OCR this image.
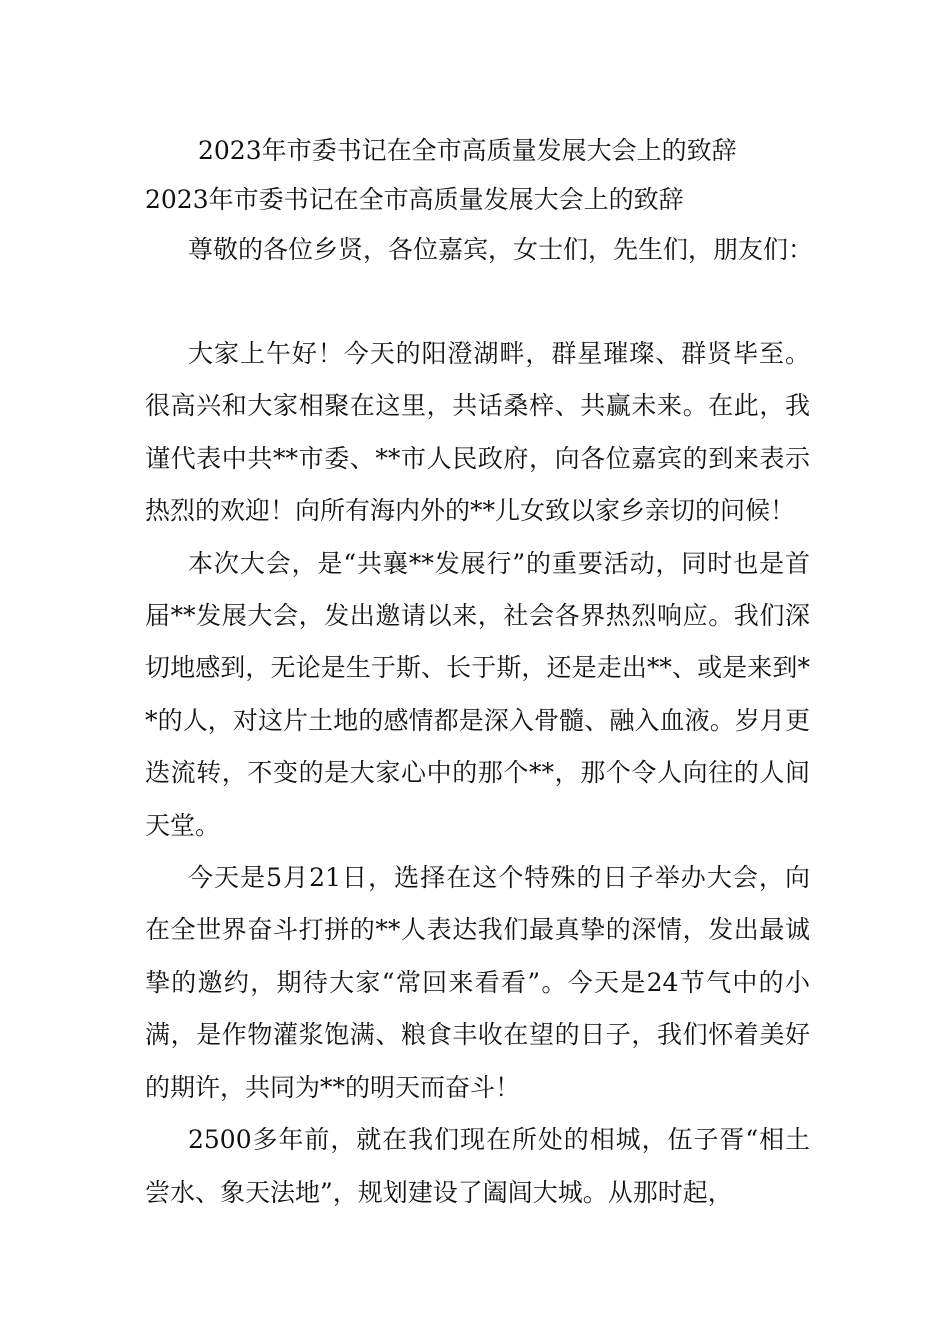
2023年市委书记在全市高质量发展大会上的致辞
2023年市委书记在全市高质量发展大会上的致辞
尊敬的各位乡贤，各位嘉宾，女士们，先生们，朋友们：

大家上午好！今天的阳澄湖畔，群星璀璨、群贤毕至。很高兴和大家相聚在这里，共话桑梓、共赢未来。在此，我谨代表中共**市委、**市人民政府，向各位嘉宾的到来表示热烈的欢迎！向所有海内外的**儿女致以家乡亲切的问候！

本次大会，是“共襄**发展行”的重要活动，同时也是首届**发展大会，发出邀请以来，社会各界热烈响应。我们深切地感到，无论是生于斯、长于斯，还是走出**、或是来到**的人，对这片土地的感情都是深入骨髓、融入血液。岁月更迭流转，不变的是大家心中的那个**，那个令人向往的人间天堂。

今天是5月21日，选择在这个特殊的日子举办大会，向在全世界奋斗打拼的**人表达我们最真挚的深情，发出最诚挚的邀约，期待大家“常回来看看”。今天是24节气中的小满，是作物灌浆饱满、粮食丰收在望的日子，我们怀着美好的期许，共同为**的明天而奋斗！

2500多年前，就在我们现在所处的相城，伍子胥“相土尝水、象天法地”，规划建设了阖闾大城。从那时起，
